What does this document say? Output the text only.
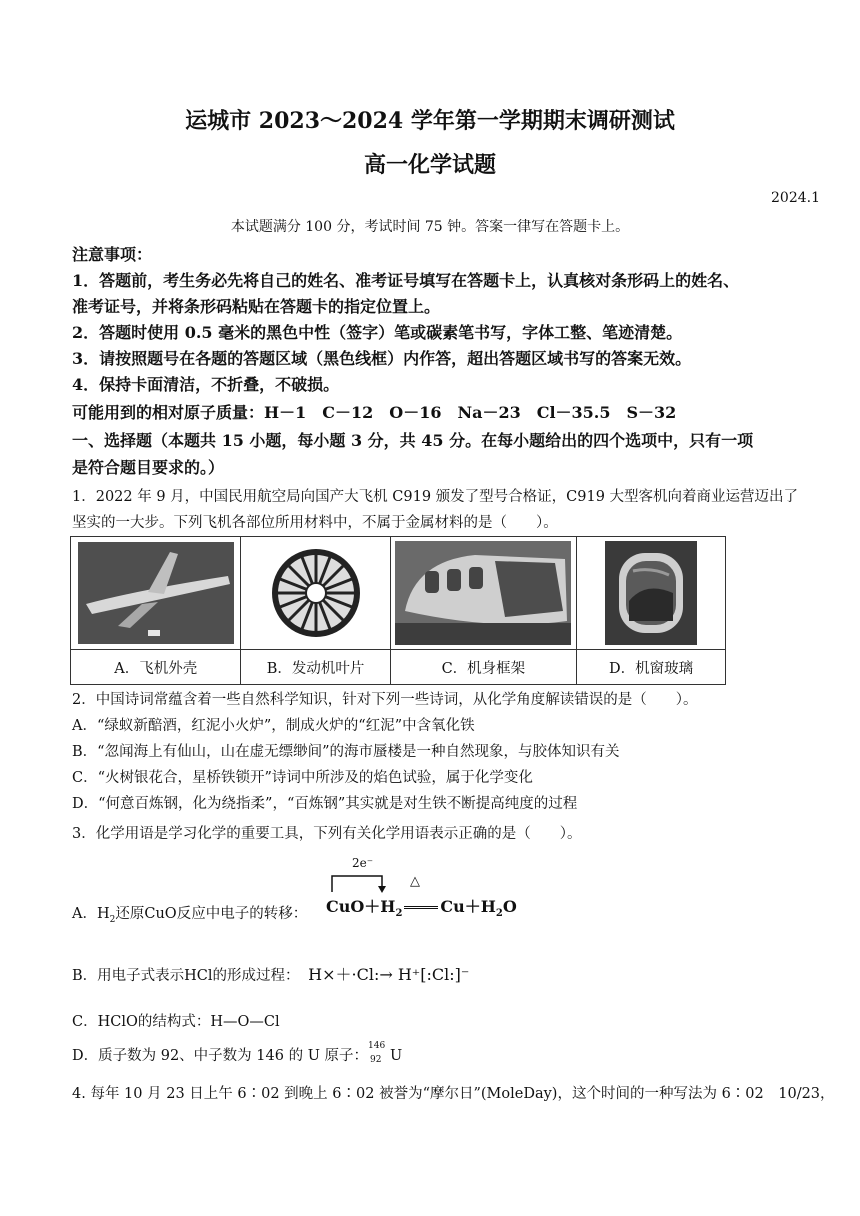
运城市 2023～2024 学年第一学期期末调研测试
高一化学试题
2024.1
本试题满分 100 分，考试时间 75 钟。答案一律写在答题卡上。
注意事项：
1．答题前，考生务必先将自己的姓名、准考证号填写在答题卡上，认真核对条形码上的姓名、
准考证号，并将条形码粘贴在答题卡的指定位置上。
2．答题时使用 0.5 毫米的黑色中性（签字）笔或碳素笔书写，字体工整、笔迹清楚。
3．请按照题号在各题的答题区域（黑色线框）内作答，超出答题区域书写的答案无效。
4．保持卡面清洁，不折叠，不破损。
可能用到的相对原子质量：H－1　C－12　O－16　Na－23　Cl－35.5　S－32
一、选择题（本题共 15 小题，每小题 3 分，共 45 分。在每小题给出的四个选项中，只有一项
是符合题目要求的。）
1．2022 年 9 月，中国民用航空局向国产大飞机 C919 颁发了型号合格证，C919 大型客机向着商业运营迈出了
坚实的一大步。下列飞机各部位所用材料中，不属于金属材料的是（　　）。

A．飞机外壳	B．发动机叶片	C．机身框架	D．机窗玻璃
2．中国诗词常蕴含着一些自然科学知识，针对下列一些诗词，从化学角度解读错误的是（　　）。
A．“绿蚁新醅酒，红泥小火炉”，制成火炉的“红泥”中含氧化铁
B．“忽闻海上有仙山，山在虚无缥缈间”的海市蜃楼是一种自然现象，与胶体知识有关
C．“火树银花合，星桥铁锁开”诗词中所涉及的焰色试验，属于化学变化
D．“何意百炼钢，化为绕指柔”，“百炼钢”其实就是对生铁不断提高纯度的过程
3．化学用语是学习化学的重要工具，下列有关化学用语表示正确的是（　　）。
A．$H_2$还原CuO反应中电子的转移：
2e⁻
△
$CuO+H_2$ $Cu+H_2O$
B．用电子式表示HCl的形成过程： H×＋·Cl:→ H⁺[:Cl:]⁻
C．HClO的结构式：H—O—Cl
D．质子数为 92、中子数为 146 的 U 原子：
146
92 U
4. 每年 10 月 23 日上午 6∶02 到晚上 6∶02 被誉为“摩尔日”(MoleDay)，这个时间的一种写法为 6∶02　10/23，
